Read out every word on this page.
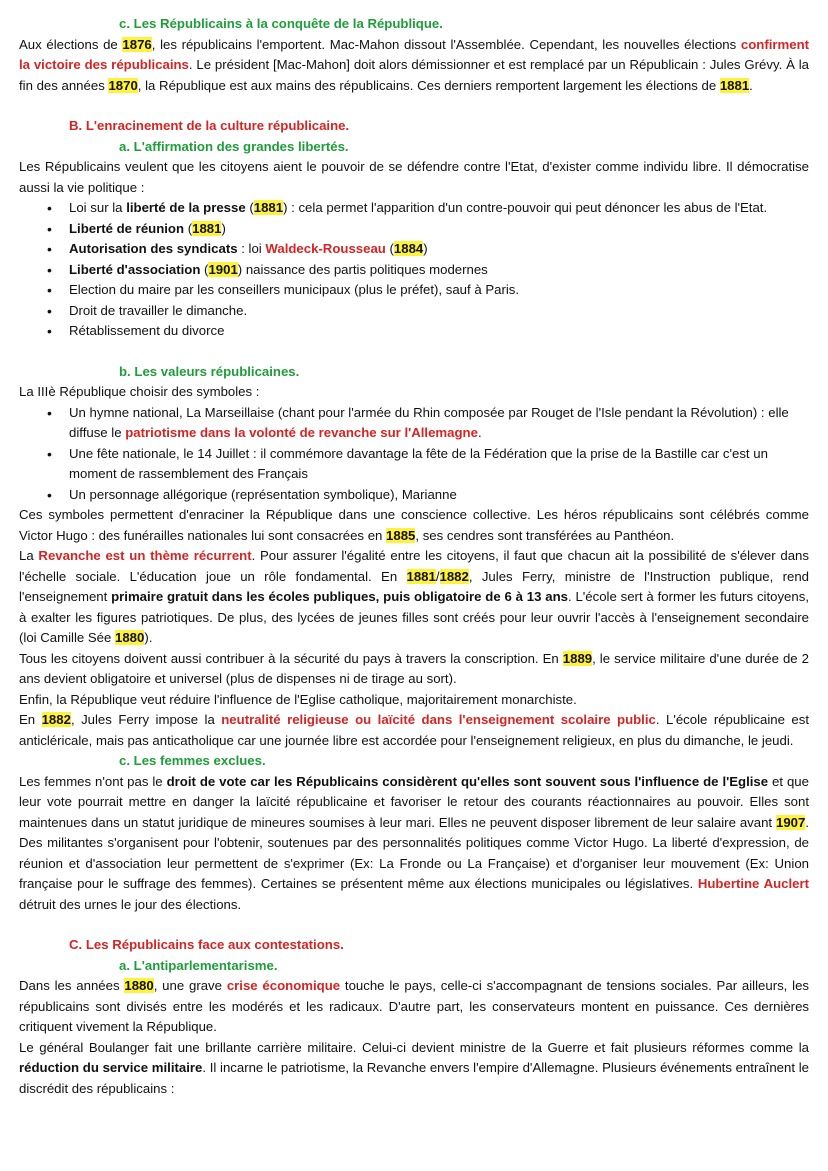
c. Les Républicains à la conquête de la République.
Aux élections de 1876, les républicains l'emportent. Mac-Mahon dissout l'Assemblée. Cependant, les nouvelles élections confirment la victoire des républicains. Le président [Mac-Mahon] doit alors démissionner et est remplacé par un Républicain : Jules Grévy. À la fin des années 1870, la République est aux mains des républicains. Ces derniers remportent largement les élections de 1881.
B. L'enracinement de la culture républicaine.
a. L'affirmation des grandes libertés.
Les Républicains veulent que les citoyens aient le pouvoir de se défendre contre l'Etat, d'exister comme individu libre. Il démocratise aussi la vie politique :
• Loi sur la liberté de la presse (1881) : cela permet l'apparition d'un contre-pouvoir qui peut dénoncer les abus de l'Etat.
• Liberté de réunion (1881)
• Autorisation des syndicats : loi Waldeck-Rousseau (1884)
• Liberté d'association (1901) naissance des partis politiques modernes
• Election du maire par les conseillers municipaux (plus le préfet), sauf à Paris.
• Droit de travailler le dimanche.
• Rétablissement du divorce
b. Les valeurs républicaines.
La IIIè République choisir des symboles :
• Un hymne national, La Marseillaise (chant pour l'armée du Rhin composée par Rouget de l'Isle pendant la Révolution) : elle diffuse le patriotisme dans la volonté de revanche sur l'Allemagne.
• Une fête nationale, le 14 Juillet : il commémore davantage la fête de la Fédération que la prise de la Bastille car c'est un moment de rassemblement des Français
• Un personnage allégorique (représentation symbolique), Marianne
Ces symboles permettent d'enraciner la République dans une conscience collective. Les héros républicains sont célébrés comme Victor Hugo : des funérailles nationales lui sont consacrées en 1885, ses cendres sont transférées au Panthéon.
La Revanche est un thème récurrent. Pour assurer l'égalité entre les citoyens, il faut que chacun ait la possibilité de s'élever dans l'échelle sociale. L'éducation joue un rôle fondamental. En 1881/1882, Jules Ferry, ministre de l'Instruction publique, rend l'enseignement primaire gratuit dans les écoles publiques, puis obligatoire de 6 à 13 ans. L'école sert à former les futurs citoyens, à exalter les figures patriotiques. De plus, des lycées de jeunes filles sont créés pour leur ouvrir l'accès à l'enseignement secondaire (loi Camille Sée 1880).
Tous les citoyens doivent aussi contribuer à la sécurité du pays à travers la conscription. En 1889, le service militaire d'une durée de 2 ans devient obligatoire et universel (plus de dispenses ni de tirage au sort).
Enfin, la République veut réduire l'influence de l'Eglise catholique, majoritairement monarchiste.
En 1882, Jules Ferry impose la neutralité religieuse ou laïcité dans l'enseignement scolaire public. L'école républicaine est anticléricale, mais pas anticatholique car une journée libre est accordée pour l'enseignement religieux, en plus du dimanche, le jeudi.
c. Les femmes exclues.
Les femmes n'ont pas le droit de vote car les Républicains considèrent qu'elles sont souvent sous l'influence de l'Eglise et que leur vote pourrait mettre en danger la laïcité républicaine et favoriser le retour des courants réactionnaires au pouvoir. Elles sont maintenues dans un statut juridique de mineures soumises à leur mari. Elles ne peuvent disposer librement de leur salaire avant 1907. Des militantes s'organisent pour l'obtenir, soutenues par des personnalités politiques comme Victor Hugo. La liberté d'expression, de réunion et d'association leur permettent de s'exprimer (Ex: La Fronde ou La Française) et d'organiser leur mouvement (Ex: Union française pour le suffrage des femmes). Certaines se présentent même aux élections municipales ou législatives. Hubertine Auclert détruit des urnes le jour des élections.
C. Les Républicains face aux contestations.
a. L'antiparlementarisme.
Dans les années 1880, une grave crise économique touche le pays, celle-ci s'accompagnant de tensions sociales. Par ailleurs, les républicains sont divisés entre les modérés et les radicaux. D'autre part, les conservateurs montent en puissance. Ces dernières critiquent vivement la République.
Le général Boulanger fait une brillante carrière militaire. Celui-ci devient ministre de la Guerre et fait plusieurs réformes comme la réduction du service militaire. Il incarne le patriotisme, la Revanche envers l'empire d'Allemagne. Plusieurs événements entraînent le discrédit des républicains :
